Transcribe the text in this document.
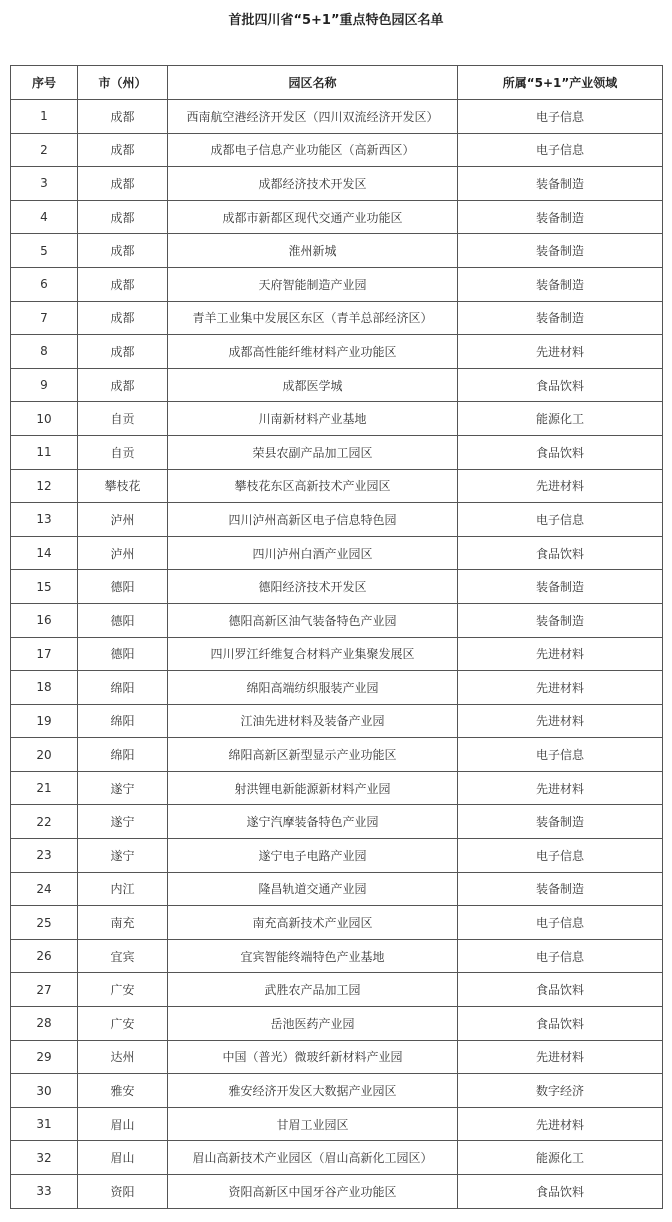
首批四川省“5+1”重点特色园区名单
序号	市（州）	园区名称	所属“5+1”产业领域
1	成都	西南航空港经济开发区（四川双流经济开发区）	电子信息
2	成都	成都电子信息产业功能区（高新西区）	电子信息
3	成都	成都经济技术开发区	装备制造
4	成都	成都市新都区现代交通产业功能区	装备制造
5	成都	淮州新城	装备制造
6	成都	天府智能制造产业园	装备制造
7	成都	青羊工业集中发展区东区（青羊总部经济区）	装备制造
8	成都	成都高性能纤维材料产业功能区	先进材料
9	成都	成都医学城	食品饮料
10	自贡	川南新材料产业基地	能源化工
11	自贡	荣县农副产品加工园区	食品饮料
12	攀枝花	攀枝花东区高新技术产业园区	先进材料
13	泸州	四川泸州高新区电子信息特色园	电子信息
14	泸州	四川泸州白酒产业园区	食品饮料
15	德阳	德阳经济技术开发区	装备制造
16	德阳	德阳高新区油气装备特色产业园	装备制造
17	德阳	四川罗江纤维复合材料产业集聚发展区	先进材料
18	绵阳	绵阳高端纺织服装产业园	先进材料
19	绵阳	江油先进材料及装备产业园	先进材料
20	绵阳	绵阳高新区新型显示产业功能区	电子信息
21	遂宁	射洪锂电新能源新材料产业园	先进材料
22	遂宁	遂宁汽摩装备特色产业园	装备制造
23	遂宁	遂宁电子电路产业园	电子信息
24	内江	隆昌轨道交通产业园	装备制造
25	南充	南充高新技术产业园区	电子信息
26	宜宾	宜宾智能终端特色产业基地	电子信息
27	广安	武胜农产品加工园	食品饮料
28	广安	岳池医药产业园	食品饮料
29	达州	中国（普光）微玻纤新材料产业园	先进材料
30	雅安	雅安经济开发区大数据产业园区	数字经济
31	眉山	甘眉工业园区	先进材料
32	眉山	眉山高新技术产业园区（眉山高新化工园区）	能源化工
33	资阳	资阳高新区中国牙谷产业功能区	食品饮料
